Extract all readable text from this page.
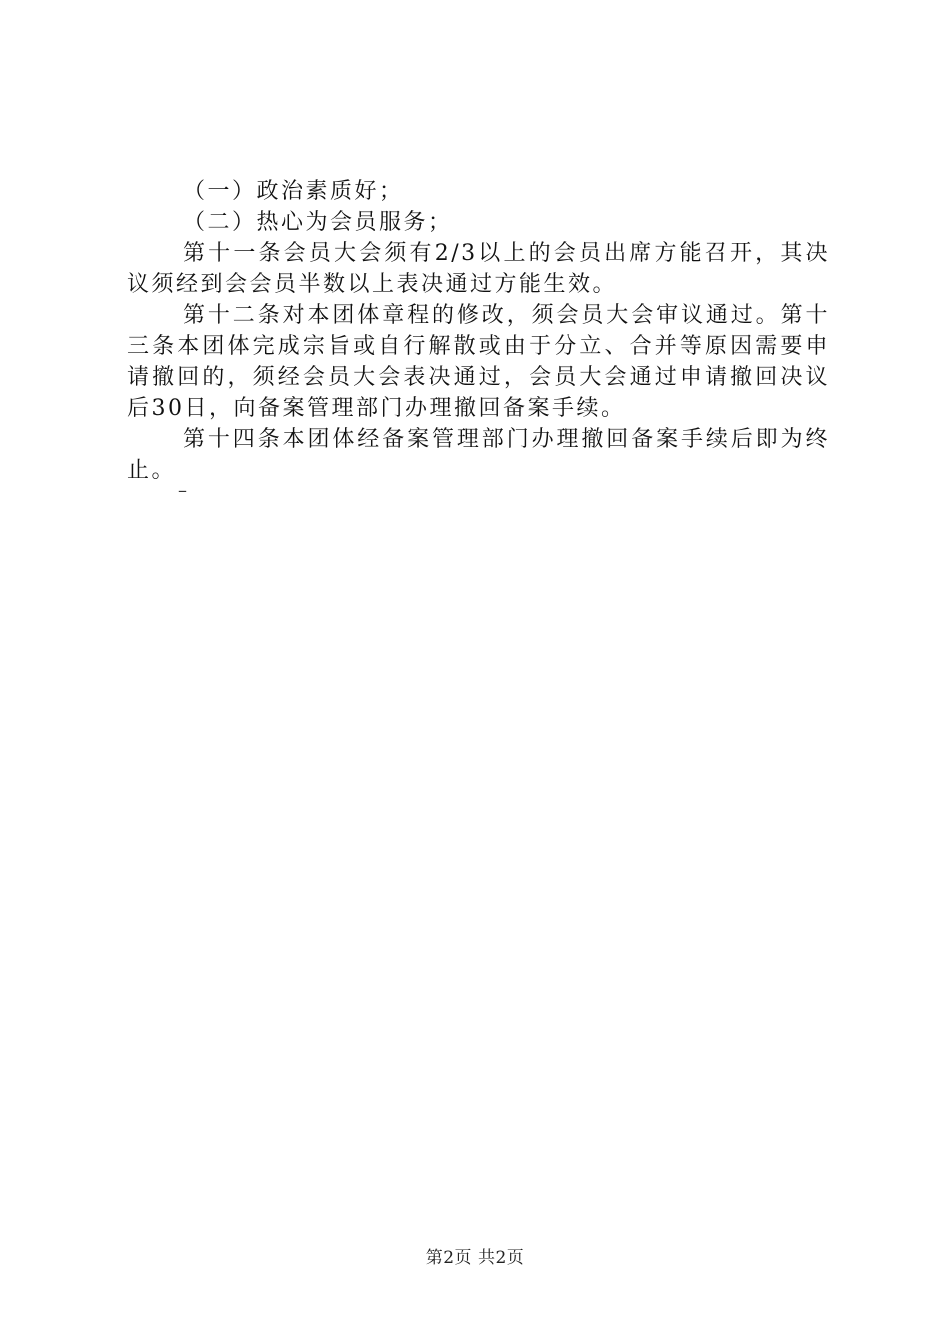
（一）政治素质好；

（二）热心为会员服务；

第十一条会员大会须有2/3以上的会员出席方能召开，其决议须经到会会员半数以上表决通过方能生效。

第十二条对本团体章程的修改，须会员大会审议通过。第十三条本团体完成宗旨或自行解散或由于分立、合并等原因需要申请撤回的，须经会员大会表决通过，会员大会通过申请撤回决议后30日，向备案管理部门办理撤回备案手续。

第十四条本团体经备案管理部门办理撤回备案手续后即为终止。

–
第2页 共2页
